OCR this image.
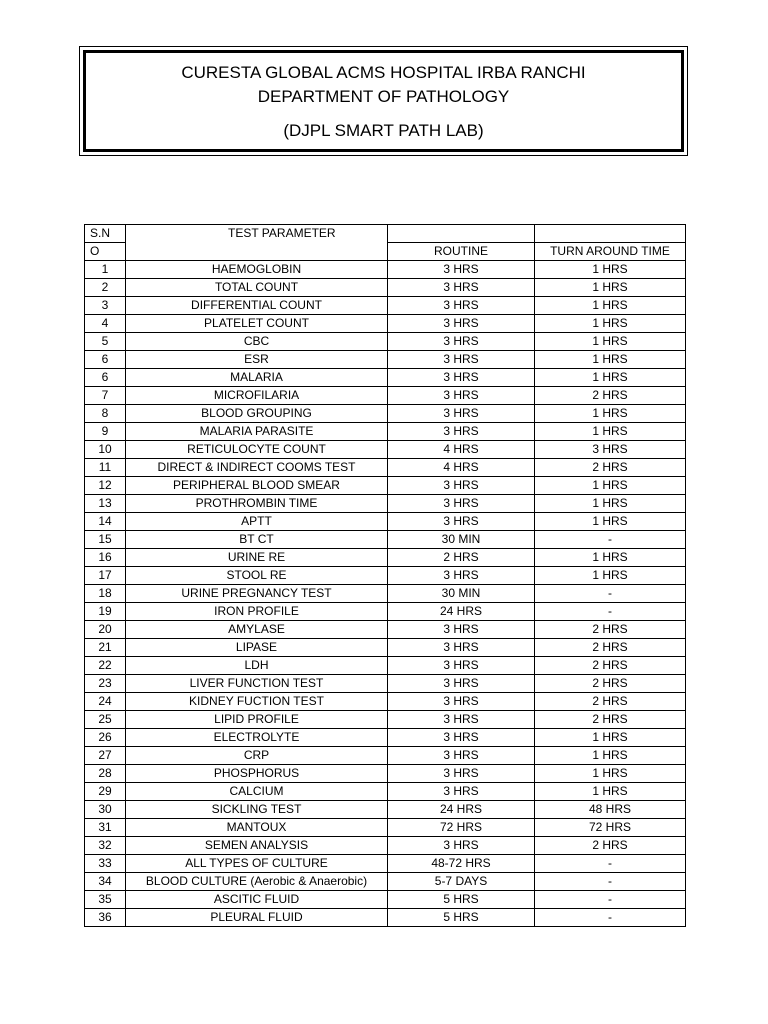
CURESTA GLOBAL ACMS HOSPITAL IRBA RANCHI
DEPARTMENT OF PATHOLOGY
(DJPL SMART PATH LAB)
S.N	TEST PARAMETER		
O		ROUTINE	TURN AROUND TIME
1	HAEMOGLOBIN	3 HRS	1 HRS
2	TOTAL COUNT	3 HRS	1 HRS
3	DIFFERENTIAL COUNT	3 HRS	1 HRS
4	PLATELET COUNT	3 HRS	1 HRS
5	CBC	3 HRS	1 HRS
6	ESR	3 HRS	1 HRS
6	MALARIA	3 HRS	1 HRS
7	MICROFILARIA	3 HRS	2 HRS
8	BLOOD GROUPING	3 HRS	1 HRS
9	MALARIA PARASITE	3 HRS	1 HRS
10	RETICULOCYTE COUNT	4 HRS	3 HRS
11	DIRECT & INDIRECT COOMS TEST	4 HRS	2 HRS
12	PERIPHERAL BLOOD SMEAR	3 HRS	1 HRS
13	PROTHROMBIN TIME	3 HRS	1 HRS
14	APTT	3 HRS	1 HRS
15	BT CT	30 MIN	-
16	URINE RE	2 HRS	1 HRS
17	STOOL RE	3 HRS	1 HRS
18	URINE PREGNANCY TEST	30 MIN	-
19	IRON PROFILE	24 HRS	-
20	AMYLASE	3 HRS	2 HRS
21	LIPASE	3 HRS	2 HRS
22	LDH	3 HRS	2 HRS
23	LIVER FUNCTION TEST	3 HRS	2 HRS
24	KIDNEY FUCTION TEST	3 HRS	2 HRS
25	LIPID PROFILE	3 HRS	2 HRS
26	ELECTROLYTE	3 HRS	1 HRS
27	CRP	3 HRS	1 HRS
28	PHOSPHORUS	3 HRS	1 HRS
29	CALCIUM	3 HRS	1 HRS
30	SICKLING TEST	24 HRS	48 HRS
31	MANTOUX	72 HRS	72 HRS
32	SEMEN ANALYSIS	3 HRS	2 HRS
33	ALL TYPES OF CULTURE	48-72 HRS	-
34	BLOOD CULTURE (Aerobic & Anaerobic)	5-7 DAYS	-
35	ASCITIC FLUID	5 HRS	-
36	PLEURAL FLUID	5 HRS	-
